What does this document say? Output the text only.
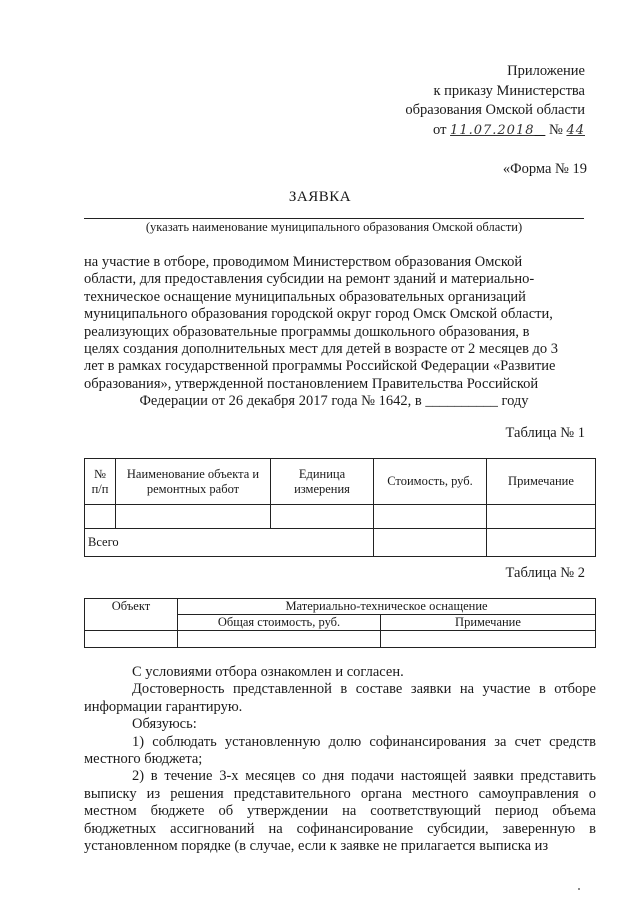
Приложение
к приказу Министерства
образования Омской области
от 11.07.2018 № 44
«Форма № 19
ЗАЯВКА
(указать наименование муниципального образования Омской области)
на участие в отборе, проводимом Министерством образования Омской
области, для предоставления субсидии на ремонт зданий и материально-
техническое оснащение муниципальных образовательных организаций
муниципального образования городской округ город Омск Омской области,
реализующих образовательные программы дошкольного образования, в
целях создания дополнительных мест для детей в возрасте от 2 месяцев до 3
лет в рамках государственной программы Российской Федерации «Развитие
образования», утвержденной постановлением Правительства Российской
Федерации от 26 декабря 2017 года № 1642, в __________ году
Таблица № 1
№ п/п	Наименование объекта и ремонтных работ	Единица измерения	Стоимость, руб.	Примечание

Всего				
Таблица № 2
Объект	Материально-техническое оснащение	
	Общая стоимость, руб.	Примечание

С условиями отбора ознакомлен и согласен.
Достоверность представленной в составе заявки на участие в отборе информации гарантирую.
Обязуюсь:
1) соблюдать установленную долю софинансирования за счет средств местного бюджета;
2) в течение 3-х месяцев со дня подачи настоящей заявки представить выписку из решения представительного органа местного самоуправления о местном бюджете об утверждении на соответствующий период объема бюджетных ассигнований на софинансирование субсидии, заверенную в установленном порядке (в случае, если к заявке не прилагается выписка из
